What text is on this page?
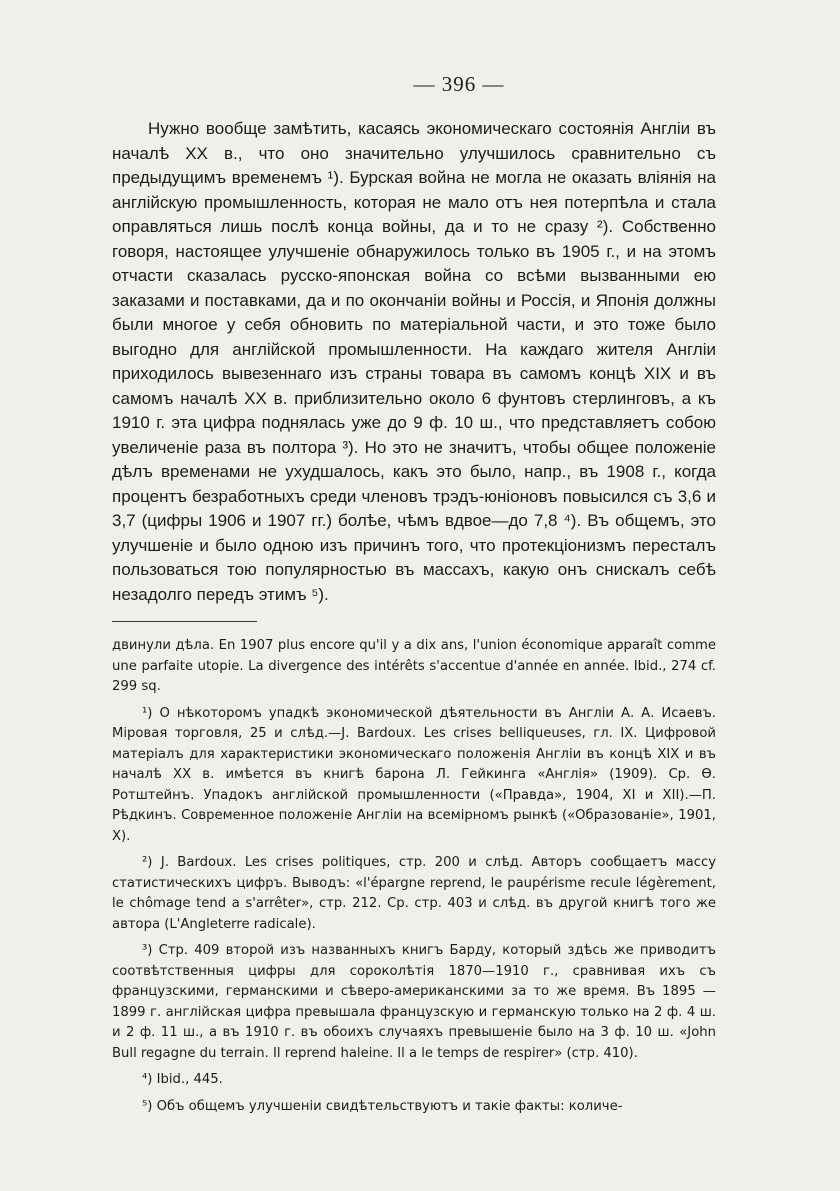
— 396 —

Нужно вообще замѣтить, касаясь экономическаго состоянія Англіи въ началѣ XX в., что оно значительно улучшилось сравнительно съ предыдущимъ временемъ ¹). Бурская война не могла не оказать вліянія на англійскую промышленность, которая не мало отъ нея потерпѣла и стала оправляться лишь послѣ конца войны, да и то не сразу ²). Собственно говоря, настоящее улучшеніе обнаружилось только въ 1905 г., и на этомъ отчасти сказалась русско-японская война со всѣми вызванными ею заказами и поставками, да и по окончаніи войны и Россія, и Японія должны были многое у себя обновить по матеріальной части, и это тоже было выгодно для англійской промышленности. На каждаго жителя Англіи приходилось вывезеннаго изъ страны товара въ самомъ концѣ XIX и въ самомъ началѣ XX в. приблизительно около 6 фунтовъ стерлинговъ, а къ 1910 г. эта цифра поднялась уже до 9 ф. 10 ш., что представляетъ собою увеличеніе раза въ полтора ³). Но это не значитъ, чтобы общее положеніе дѣлъ временами не ухудшалось, какъ это было, напр., въ 1908 г., когда процентъ безработныхъ среди членовъ трэдъ-юніоновъ повысился съ 3,6 и 3,7 (цифры 1906 и 1907 гг.) болѣе, чѣмъ вдвое—до 7,8 ⁴). Въ общемъ, это улучшеніе и было одною изъ причинъ того, что протекціонизмъ пересталъ пользоваться тою популярностью въ массахъ, какую онъ снискалъ себѣ незадолго передъ этимъ ⁵).

двинули дѣла. En 1907 plus encore qu'il y a dix ans, l'union économique apparaît comme une parfaite utopie. La divergence des intérêts s'accentue d'année en année. Ibid., 274 cf. 299 sq.

¹) О нѣкоторомъ упадкѣ экономической дѣятельности въ Англіи А. А. Исаевъ. Міровая торговля, 25 и слѣд.—J. Bardoux. Les crises belliqueuses, гл. IX. Цифровой матеріалъ для характеристики экономическаго положенія Англіи въ концѣ XIX и въ началѣ XX в. имѣется въ книгѣ барона Л. Гейкинга «Англія» (1909). Ср. Ѳ. Ротштейнъ. Упадокъ англійской промышленности («Правда», 1904, XI и XII).—П. Рѣдкинъ. Современное положеніе Англіи на всемірномъ рынкѣ («Образованіе», 1901, X).

²) J. Bardoux. Les crises politiques, стр. 200 и слѣд. Авторъ сообщаетъ массу статистическихъ цифръ. Выводъ: «l'épargne reprend, le paupérisme recule légèrement, le chômage tend a s'arrêter», стр. 212. Ср. стр. 403 и слѣд. въ другой книгѣ того же автора (L'Angleterre radicale).

³) Стр. 409 второй изъ названныхъ книгъ Барду, который здѣсь же приводитъ соотвѣтственныя цифры для сороколѣтія 1870—1910 г., сравнивая ихъ съ французскими, германскими и сѣверо-американскими за то же время. Въ 1895 — 1899 г. англійская цифра превышала французскую и германскую только на 2 ф. 4 ш. и 2 ф. 11 ш., а въ 1910 г. въ обоихъ случаяхъ превышеніе было на 3 ф. 10 ш. «John Bull regagne du terrain. Il reprend haleine. Il a le temps de respirer» (стр. 410).

⁴) Ibid., 445.

⁵) Объ общемъ улучшеніи свидѣтельствуютъ и такіе факты: количе-
